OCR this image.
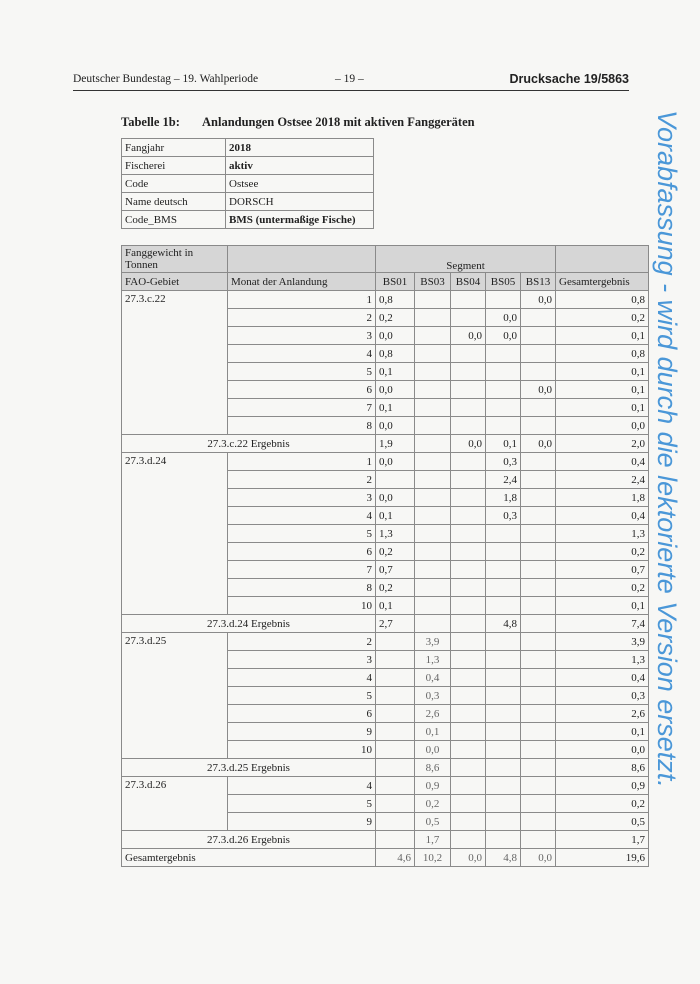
Deutscher Bundestag – 19. Wahlperiode	– 19 –	Drucksache 19/5863
Tabelle 1b: Anlandungen Ostsee 2018 mit aktiven Fanggeräten
Fangjahr	2018
Fischerei	aktiv
Code	Ostsee
Name deutsch	DORSCH
Code_BMS	BMS (untermaßige Fische)
Fanggewicht in Tonnen		Segment					
FAO-Gebiet	Monat der Anlandung	BS01	BS03	BS04	BS05	BS13	Gesamtergebnis
27.3.c.22	1	0,8				0,0	0,8
	2	0,2			0,0		0,2
	3	0,0		0,0	0,0		0,1
	4	0,8					0,8
	5	0,1					0,1
	6	0,0				0,0	0,1
	7	0,1					0,1
	8	0,0					0,0
27.3.c.22 Ergebnis		1,9		0,0	0,1	0,0	2,0
27.3.d.24	1	0,0			0,3		0,4
	2				2,4		2,4
	3	0,0			1,8		1,8
	4	0,1			0,3		0,4
	5	1,3					1,3
	6	0,2					0,2
	7	0,7					0,7
	8	0,2					0,2
	10	0,1					0,1
27.3.d.24 Ergebnis		2,7			4,8		7,4
27.3.d.25	2		3,9				3,9
	3		1,3				1,3
	4		0,4				0,4
	5		0,3				0,3
	6		2,6				2,6
	9		0,1				0,1
	10		0,0				0,0
27.3.d.25 Ergebnis			8,6				8,6
27.3.d.26	4		0,9				0,9
	5		0,2				0,2
	9		0,5				0,5
27.3.d.26 Ergebnis			1,7				1,7
Gesamtergebnis		4,6	10,2	0,0	4,8	0,0	19,6
Vorabfassung - wird durch die lektorierte Version ersetzt.
